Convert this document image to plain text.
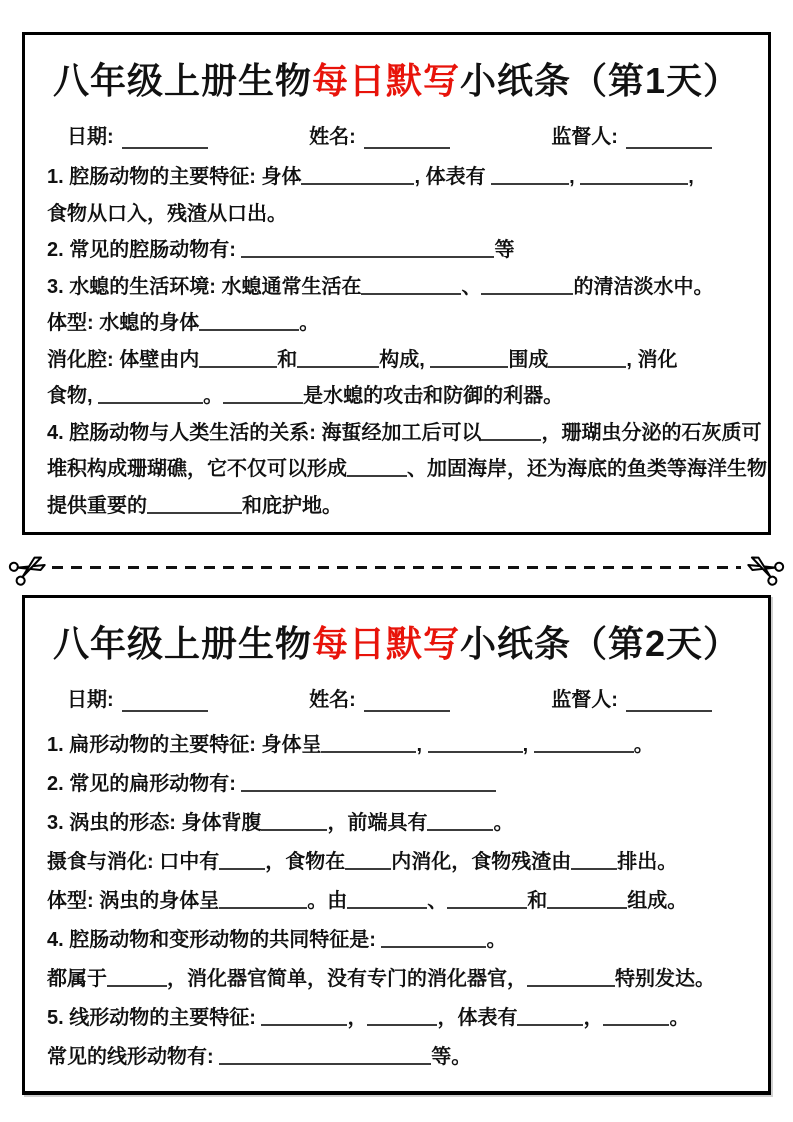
八年级上册生物每日默写小纸条（第1天）
日期:	姓名:	监督人:
1. 腔肠动物的主要特征: 身体	, 体表有	,	,
食物从口入，残渣从口出。
2. 常见的腔肠动物有:	等
3. 水螅的生活环境: 水螅通常生活在	、	的清洁淡水中。
体型: 水螅的身体	。
消化腔: 体壁由内	和	构成,	围成	, 消化
食物,	。	是水螅的攻击和防御的利器。
4. 腔肠动物与人类生活的关系: 海蜇经加工后可以	，珊瑚虫分泌的石灰质可
堆积构成珊瑚礁，它不仅可以形成	、加固海岸，还为海底的鱼类等海洋生物
提供重要的	和庇护地。
八年级上册生物每日默写小纸条（第2天）
日期:	姓名:	监督人:
1. 扁形动物的主要特征: 身体呈	,	,	。
2. 常见的扁形动物有:
3. 涡虫的形态: 身体背腹	，前端具有	。
摄食与消化: 口中有 ，食物在 内消化，食物残渣由 排出。
体型: 涡虫的身体呈	。由	、	和	组成。
4. 腔肠动物和变形动物的共同特征是:	。
都属于	，消化器官简单，没有专门的消化器官，	特别发达。
5. 线形动物的主要特征:	，	，体表有	，	。
常见的线形动物有:	等。
